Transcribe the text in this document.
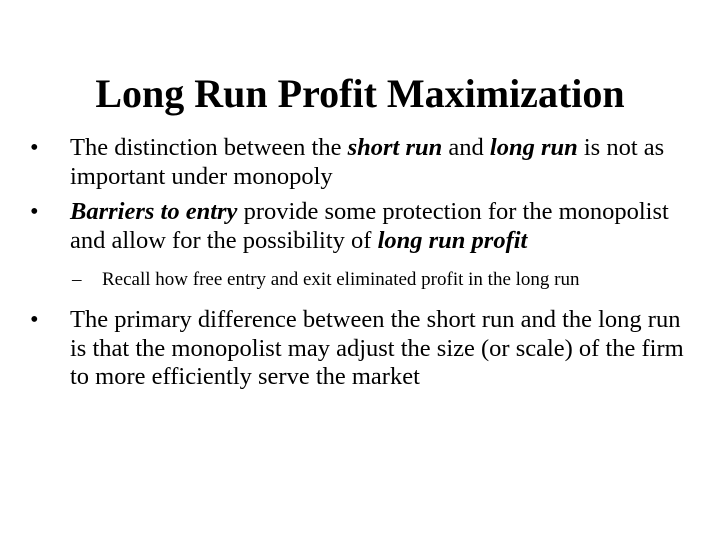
Long Run Profit Maximization
• The distinction between the short run and long run is not as important under monopoly
• Barriers to entry provide some protection for the monopolist and allow for the possibility of long run profit
– Recall how free entry and exit eliminated profit in the long run
• The primary difference between the short run and the long run is that the monopolist may adjust the size (or scale) of the firm to more efficiently serve the market
